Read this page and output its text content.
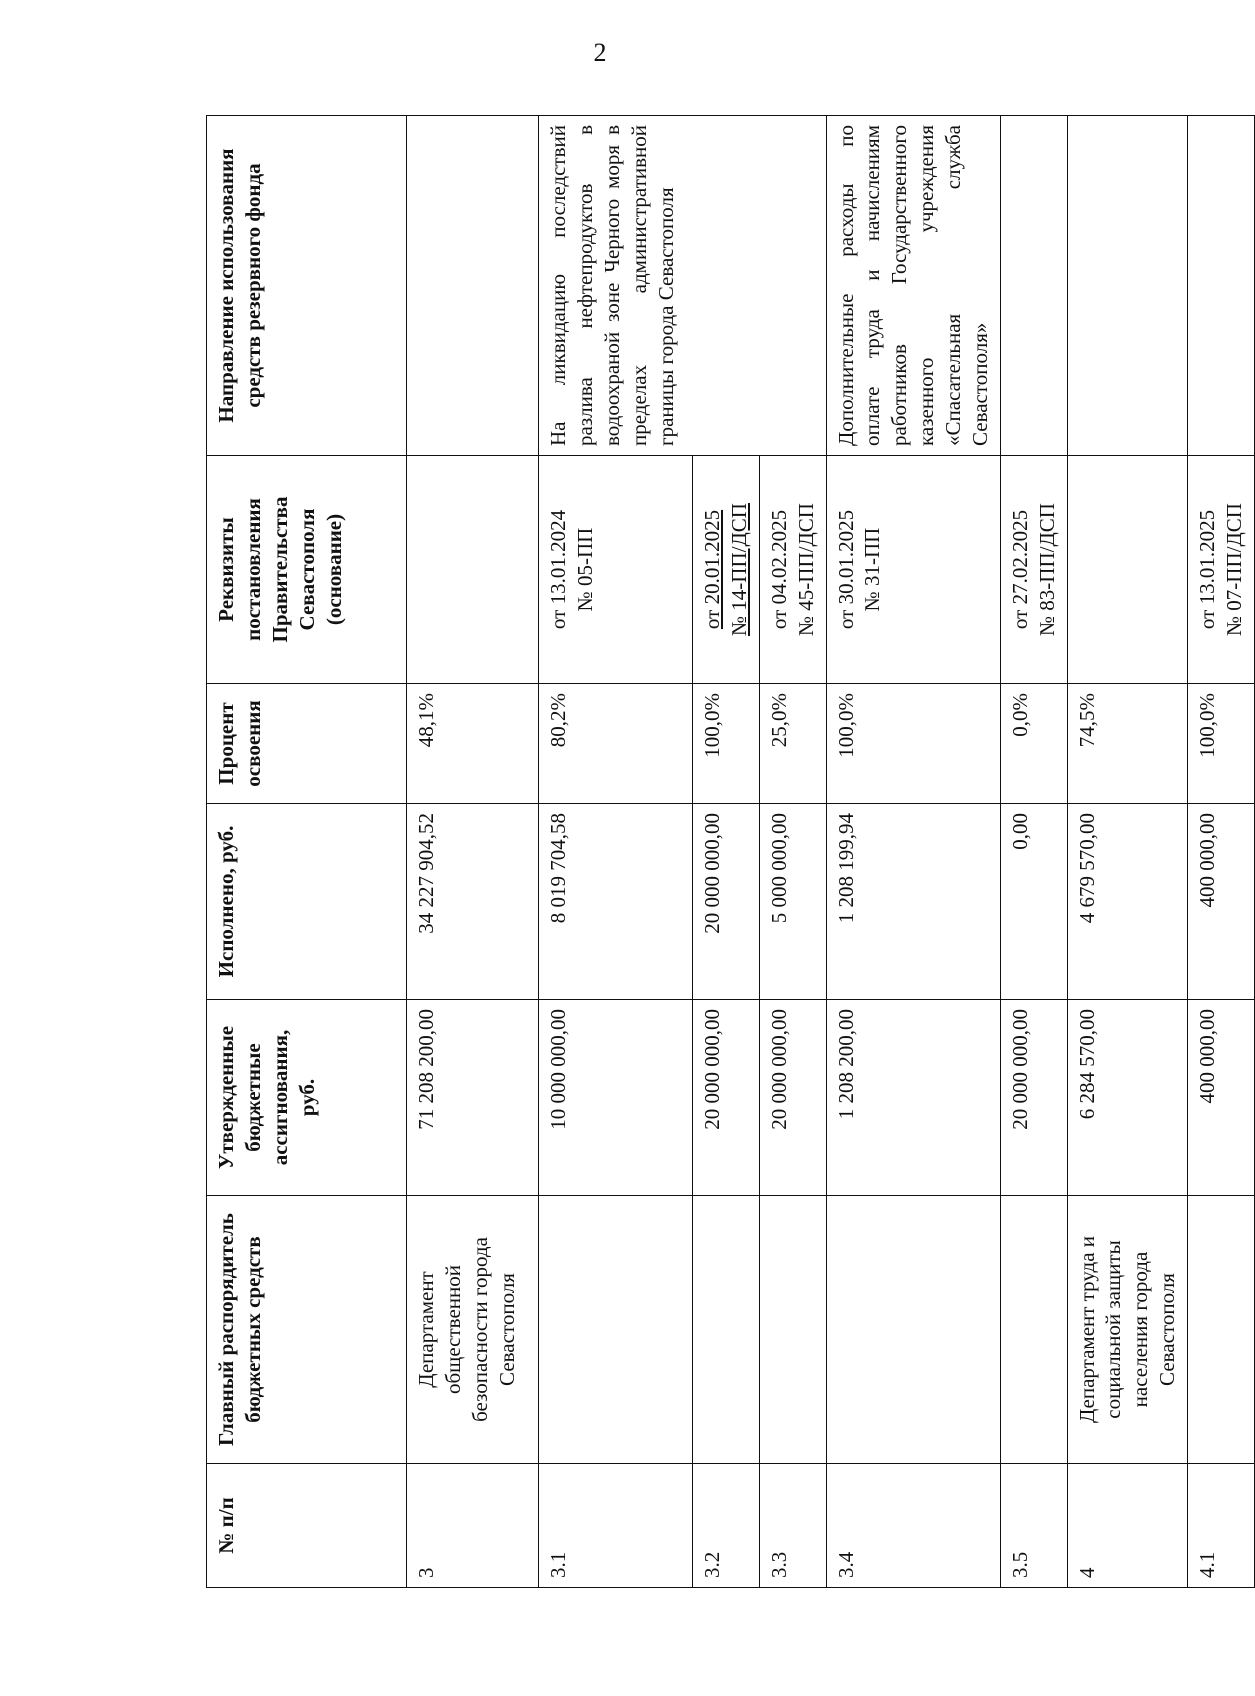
2
№ п/п	Главный распорядитель бюджетных средств	Утвержденные бюджетные ассигнования, руб.	Исполнено, руб.	Процент освоения	Реквизиты постановления Правительства Севастополя (основание)	Направление использования средств резервного фонда
3	Департамент общественной безопасности города Севастополя	71 208 200,00	34 227 904,52	48,1%		
3.1		10 000 000,00	8 019 704,58	80,2%	от 13.01.2024 № 05-ПП	На ликвидацию последствий разлива нефтепродуктов в водоохраной зоне Черного моря в пределах административной границы города Севастополя
3.2		20 000 000,00	20 000 000,00	100,0%	от 20.01.2025 № 14-ПП/ДСП	

3.3		20 000 000,00	5 000 000,00	25,0%	от 04.02.2025 № 45-ПП/ДСП	

3.4		1 208 200,00	1 208 199,94	100,0%	от 30.01.2025 № 31-ПП	Дополнительные расходы по оплате труда и начислениям работников Государственного казенного учреждения «Спасательная служба Севастополя»
3.5		20 000 000,00	0,00	0,0%	от 27.02.2025 № 83-ПП/ДСП	

4	Департамент труда и социальной защиты населения города Севастополя	6 284 570,00	4 679 570,00	74,5%		
4.1		400 000,00	400 000,00	100,0%	от 13.01.2025 № 07-ПП/ДСП	
